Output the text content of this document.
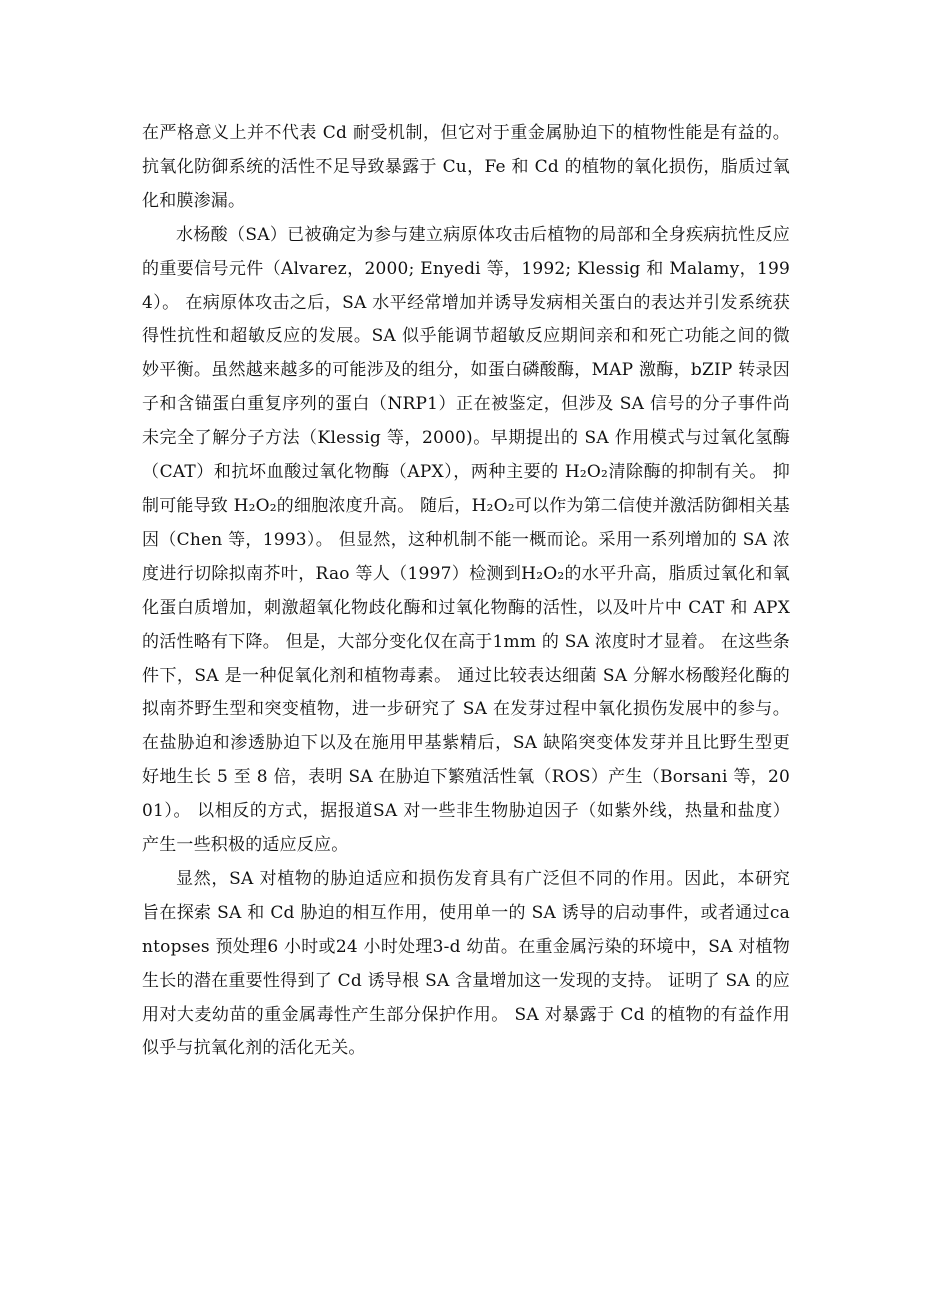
在严格意义上并不代表 Cd 耐受机制，但它对于重金属胁迫下的植物性能是有益的。 抗氧化防御系统的活性不足导致暴露于 Cu，Fe 和 Cd 的植物的氧化损伤，脂质过氧化和膜渗漏。

水杨酸（SA）已被确定为参与建立病原体攻击后植物的局部和全身疾病抗性反应的重要信号元件（Alvarez，2000; Enyedi 等，1992; Klessig 和 Malamy，1994）。 在病原体攻击之后，SA 水平经常增加并诱导发病相关蛋白的表达并引发系统获得性抗性和超敏反应的发展。SA 似乎能调节超敏反应期间亲和和死亡功能之间的微妙平衡。虽然越来越多的可能涉及的组分，如蛋白磷酸酶，MAP 激酶，bZIP 转录因子和含锚蛋白重复序列的蛋白（NRP1）正在被鉴定，但涉及 SA 信号的分子事件尚未完全了解分子方法（Klessig 等，2000)。早期提出的 SA 作用模式与过氧化氢酶（CAT）和抗坏血酸过氧化物酶（APX），两种主要的 H₂O₂清除酶的抑制有关。 抑制可能导致 H₂O₂的细胞浓度升高。 随后，H₂O₂可以作为第二信使并激活防御相关基因（Chen 等，1993）。 但显然，这种机制不能一概而论。采用一系列增加的 SA 浓度进行切除拟南芥叶，Rao 等人（1997）检测到H₂O₂的水平升高，脂质过氧化和氧化蛋白质增加，刺激超氧化物歧化酶和过氧化物酶的活性，以及叶片中 CAT 和 APX 的活性略有下降。 但是，大部分变化仅在高于1mm 的 SA 浓度时才显着。 在这些条件下，SA 是一种促氧化剂和植物毒素。 通过比较表达细菌 SA 分解水杨酸羟化酶的拟南芥野生型和突变植物，进一步研究了 SA 在发芽过程中氧化损伤发展中的参与。在盐胁迫和渗透胁迫下以及在施用甲基紫精后，SA 缺陷突变体发芽并且比野生型更好地生长 5 至 8 倍，表明 SA 在胁迫下繁殖活性氧（ROS）产生（Borsani 等，2001）。 以相反的方式，据报道SA 对一些非生物胁迫因子（如紫外线，热量和盐度）产生一些积极的适应反应。

显然，SA 对植物的胁迫适应和损伤发育具有广泛但不同的作用。因此，本研究旨在探索 SA 和 Cd 胁迫的相互作用，使用单一的 SA 诱导的启动事件，或者通过cantopses 预处理6 小时或24 小时处理3-d 幼苗。在重金属污染的环境中，SA 对植物生长的潜在重要性得到了 Cd 诱导根 SA 含量增加这一发现的支持。 证明了 SA 的应用对大麦幼苗的重金属毒性产生部分保护作用。 SA 对暴露于 Cd 的植物的有益作用似乎与抗氧化剂的活化无关。
